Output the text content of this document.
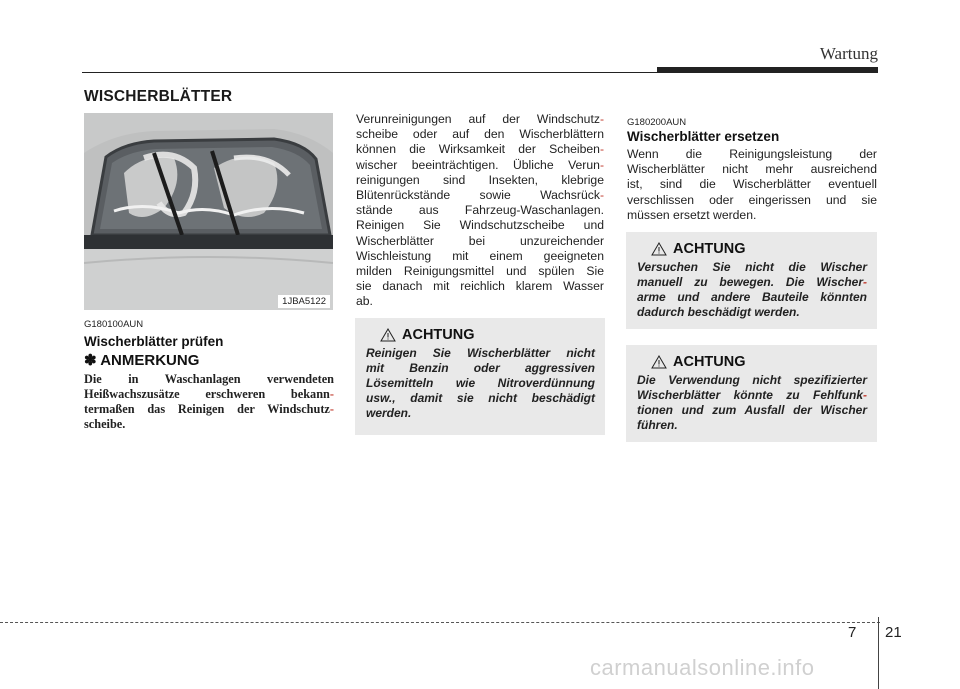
Wartung
WISCHERBLÄTTER
1JBA5122
G180100AUN
Wischerblätter prüfen
✽ ANMERKUNG
Die in Waschanlagen verwendeten
Heißwachszusätze erschweren bekann-
termaßen das Reinigen der Windschutz-
scheibe.
Verunreinigungen auf der Windschutz-
scheibe oder auf den Wischerblättern
können die Wirksamkeit der Scheiben-
wischer beeinträchtigen. Übliche Verun-
reinigungen sind Insekten, klebrige
Blütenrückstände sowie Wachsrück-
stände aus Fahrzeug-Waschanlagen.
Reinigen Sie Windschutzscheibe und
Wischerblätter bei unzureichender
Wischleistung mit einem geeigneten
milden Reinigungsmittel und spülen Sie
sie danach mit reichlich klarem Wasser
ab.
ACHTUNG
Reinigen Sie Wischerblätter nicht
mit Benzin oder aggressiven
Lösemitteln wie Nitroverdünnung
usw., damit sie nicht beschädigt
werden.
G180200AUN
Wischerblätter ersetzen
Wenn die Reinigungsleistung der
Wischerblätter nicht mehr ausreichend
ist, sind die Wischerblätter eventuell
verschlissen oder eingerissen und sie
müssen ersetzt werden.
ACHTUNG
Versuchen Sie nicht die Wischer
manuell zu bewegen. Die Wischer-
arme und andere Bauteile könnten
dadurch beschädigt werden.
ACHTUNG
Die Verwendung nicht spezifizierter
Wischerblätter könnte zu Fehlfunk-
tionen und zum Ausfall der Wischer
führen.
7 21
carmanualsonline.info
